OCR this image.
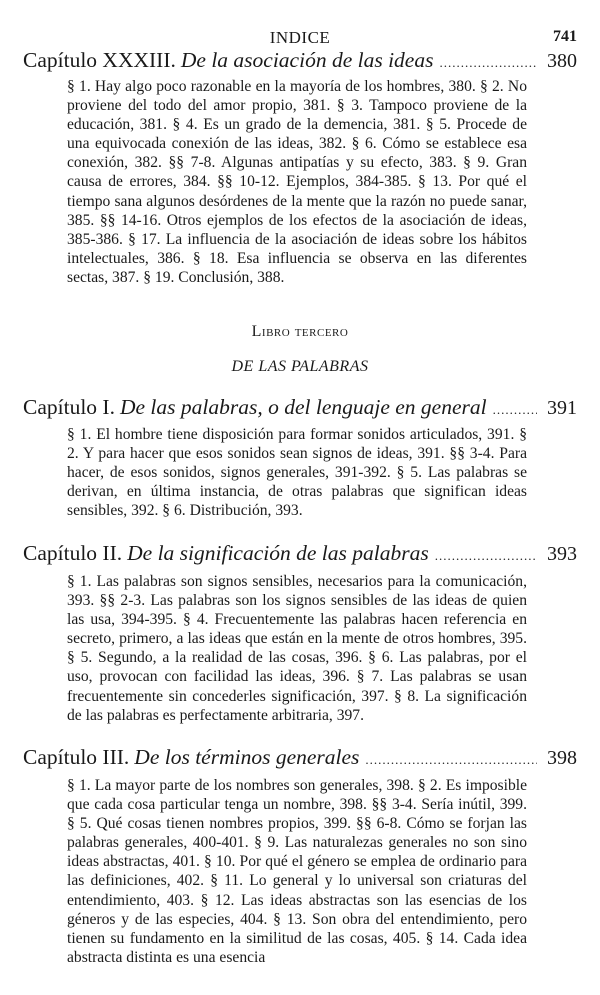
INDICE	741
Capítulo XXXIII. De la asociación de las ideas .....	380

§ 1. Hay algo poco razonable en la mayoría de los hombres, 380. § 2. No proviene del todo del amor propio, 381. § 3. Tampoco proviene de la educación, 381. § 4. Es un grado de la demencia, 381. § 5. Procede de una equivocada conexión de las ideas, 382. § 6. Cómo se establece esa conexión, 382. §§ 7-8. Algunas antipatías y su efecto, 383. § 9. Gran causa de errores, 384. §§ 10-12. Ejemplos, 384-385. § 13. Por qué el tiempo sana algunos desórdenes de la mente que la razón no puede sanar, 385. §§ 14-16. Otros ejemplos de los efectos de la asociación de ideas, 385-386. § 17. La influencia de la asociación de ideas sobre los hábitos intelectuales, 386. § 18. Esa influencia se observa en las diferentes sectas, 387. § 19. Conclusión, 388.

Libro tercero
DE LAS PALABRAS
Capítulo I. De las palabras, o del lenguaje en general .....	391

§ 1. El hombre tiene disposición para formar sonidos articulados, 391. § 2. Y para hacer que esos sonidos sean signos de ideas, 391. §§ 3-4. Para hacer, de esos sonidos, signos generales, 391-392. § 5. Las palabras se derivan, en última instancia, de otras palabras que significan ideas sensibles, 392. § 6. Distribución, 393.

Capítulo II. De la significación de las palabras .....	393

§ 1. Las palabras son signos sensibles, necesarios para la comunicación, 393. §§ 2-3. Las palabras son los signos sensibles de las ideas de quien las usa, 394-395. § 4. Frecuentemente las palabras hacen referencia en secreto, primero, a las ideas que están en la mente de otros hombres, 395. § 5. Segundo, a la realidad de las cosas, 396. § 6. Las palabras, por el uso, provocan con facilidad las ideas, 396. § 7. Las palabras se usan frecuentemente sin concederles significación, 397. § 8. La significación de las palabras es perfectamente arbitraria, 397.

Capítulo III. De los términos generales .....	398

§ 1. La mayor parte de los nombres son generales, 398. § 2. Es imposible que cada cosa particular tenga un nombre, 398. §§ 3-4. Sería inútil, 399. § 5. Qué cosas tienen nombres propios, 399. §§ 6-8. Cómo se forjan las palabras generales, 400-401. § 9. Las naturalezas generales no son sino ideas abstractas, 401. § 10. Por qué el género se emplea de ordinario para las definiciones, 402. § 11. Lo general y lo universal son criaturas del entendimiento, 403. § 12. Las ideas abstractas son las esencias de los géneros y de las especies, 404. § 13. Son obra del entendimiento, pero tienen su fundamento en la similitud de las cosas, 405. § 14. Cada idea abstracta distinta es una esencia
